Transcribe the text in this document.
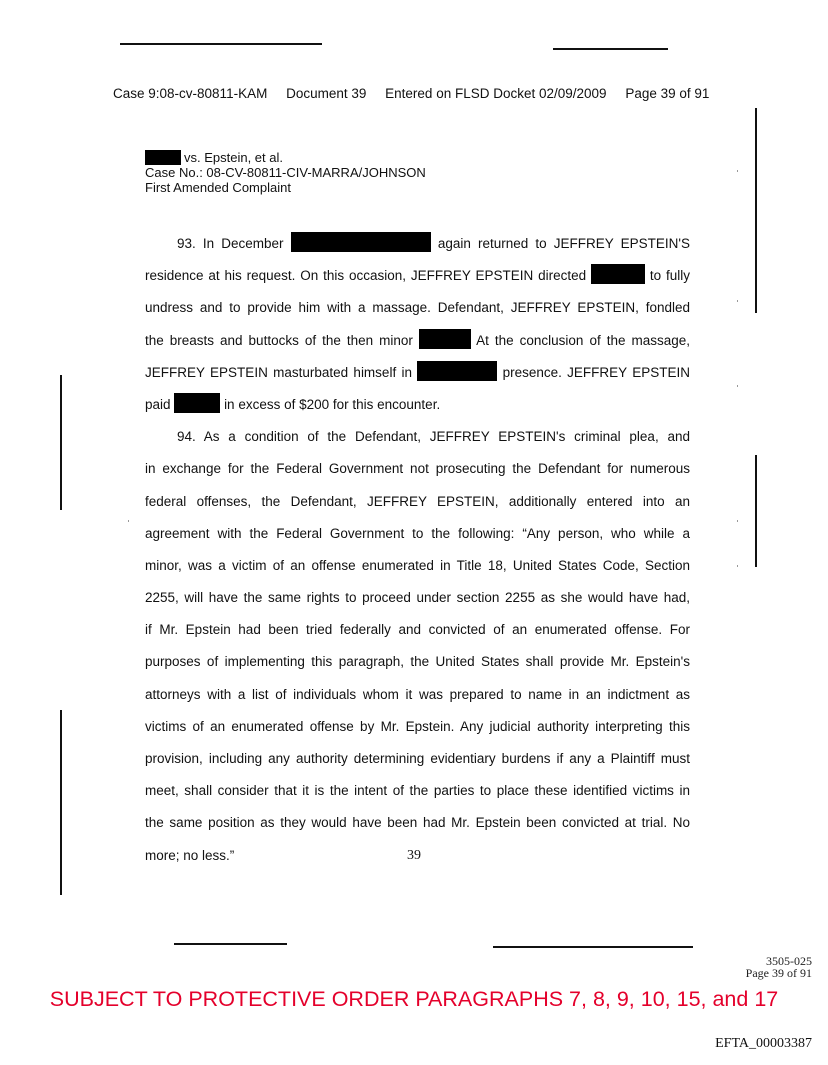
Case 9:08-cv-80811-KAM Document 39 Entered on FLSD Docket 02/09/2009 Page 39 of 91
vs. Epstein, et al.
Case No.: 08-CV-80811-CIV-MARRA/JOHNSON
First Amended Complaint
93. In December	again returned to JEFFREY EPSTEIN'S
residence at his request. On this occasion, JEFFREY EPSTEIN directed	to fully
undress and to provide him with a massage. Defendant, JEFFREY EPSTEIN, fondled
the breasts and buttocks of the then minor	At the conclusion of the massage,
JEFFREY EPSTEIN masturbated himself in	presence. JEFFREY EPSTEIN
paid	in excess of $200 for this encounter.
94. As a condition of the Defendant, JEFFREY EPSTEIN's criminal plea, and
in exchange for the Federal Government not prosecuting the Defendant for numerous
federal offenses, the Defendant, JEFFREY EPSTEIN, additionally entered into an
agreement with the Federal Government to the following: “Any person, who while a
minor, was a victim of an offense enumerated in Title 18, United States Code, Section
2255, will have the same rights to proceed under section 2255 as she would have had,
if Mr. Epstein had been tried federally and convicted of an enumerated offense. For
purposes of implementing this paragraph, the United States shall provide Mr. Epstein's
attorneys with a list of individuals whom it was prepared to name in an indictment as
victims of an enumerated offense by Mr. Epstein. Any judicial authority interpreting this
provision, including any authority determining evidentiary burdens if any a Plaintiff must
meet, shall consider that it is the intent of the parties to place these identified victims in
the same position as they would have been had Mr. Epstein been convicted at trial. No
more; no less.”	39
3505-025
Page 39 of 91
SUBJECT TO PROTECTIVE ORDER PARAGRAPHS 7, 8, 9, 10, 15, and 17
EFTA_00003387
